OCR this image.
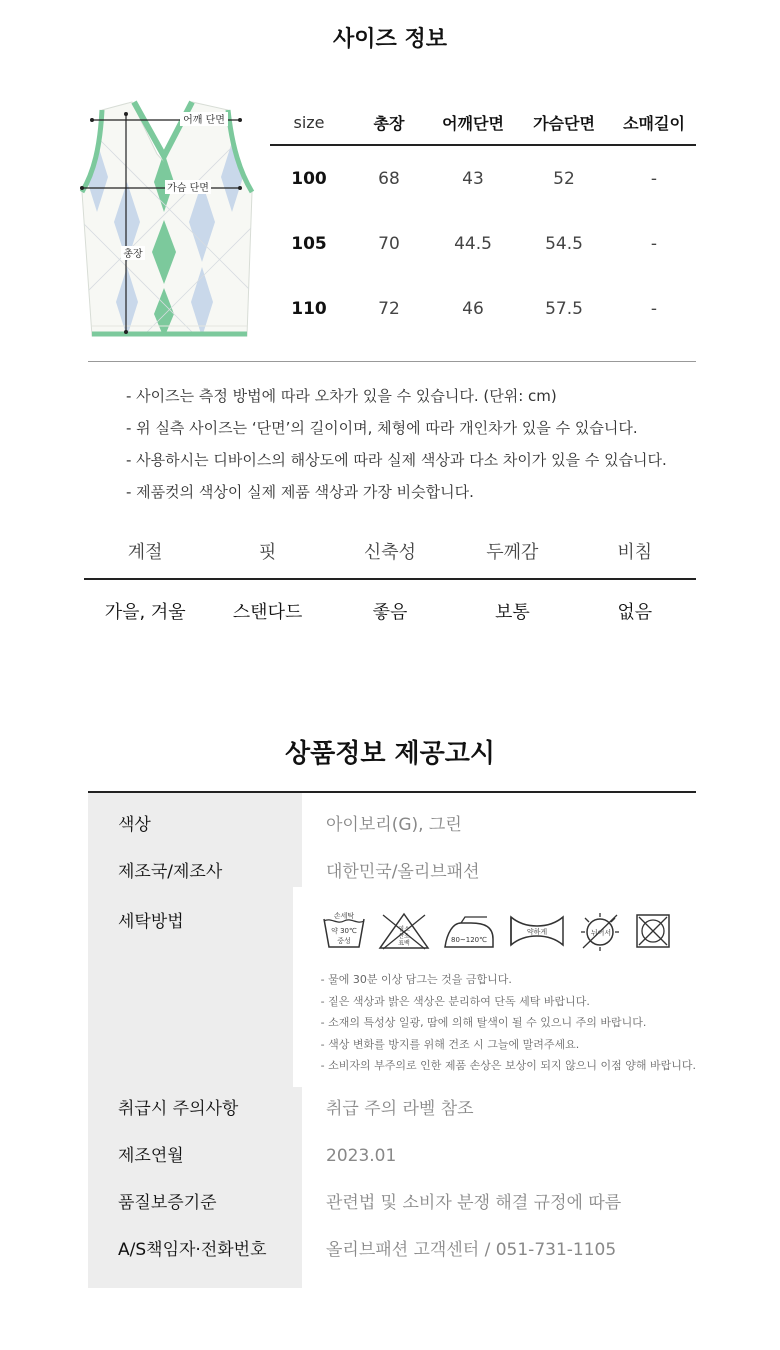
사이즈 정보
어깨 단면
가슴 단면
총장
size	총장	어깨단면	가슴단면	소매길이
100	68	43	52	-
105	70	44.5	54.5	-
110	72	46	57.5	-
- 사이즈는 측정 방법에 따라 오차가 있을 수 있습니다. (단위: cm)
- 위 실측 사이즈는 ‘단면’의 길이이며, 체형에 따라 개인차가 있을 수 있습니다.
- 사용하시는 디바이스의 해상도에 따라 실제 색상과 다소 차이가 있을 수 있습니다.
- 제품컷의 색상이 실제 제품 색상과 가장 비슷합니다.
계절	핏	신축성	두께감	비침
가을, 겨울	스탠다드	좋음	보통	없음
상품정보 제공고시
색상	아이보리(G), 그린
제조국/제조사	대한민국/올리브패션
세탁방법	손세탁
약 30℃
중성
염소
산소
표백	80~120℃
약하게	뉘어서
- 물에 30분 이상 담그는 것을 금합니다.
- 짙은 색상과 밝은 색상은 분리하여 단독 세탁 바랍니다.
- 소재의 특성상 일광, 땀에 의해 탈색이 될 수 있으니 주의 바랍니다.
- 색상 변화를 방지를 위해 건조 시 그늘에 말려주세요.
- 소비자의 부주의로 인한 제품 손상은 보상이 되지 않으니 이점 양해 바랍니다.
취급시 주의사항	취급 주의 라벨 참조
제조연월	2023.01
품질보증기준	관련법 및 소비자 분쟁 해결 규정에 따름
A/S책임자·전화번호	올리브패션 고객센터 / 051-731-1105
